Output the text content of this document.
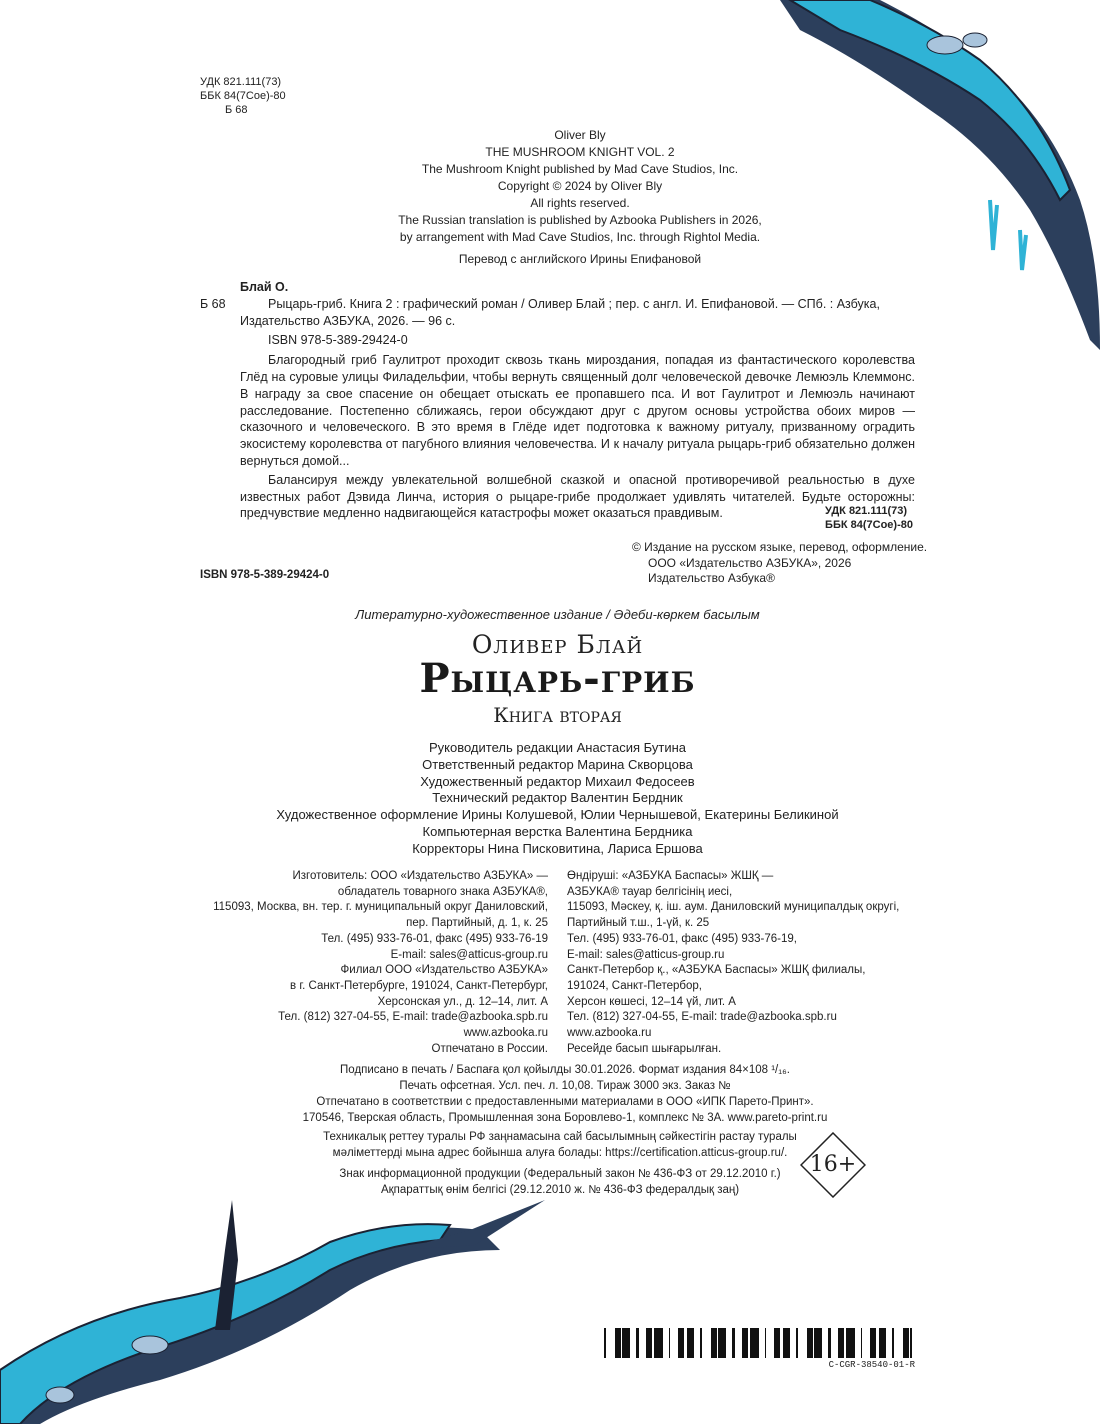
УДК 821.111(73)
ББК 84(7Сое)-80
Б 68
Oliver Bly
THE MUSHROOM KNIGHT VOL. 2
The Mushroom Knight published by Mad Cave Studios, Inc.
Copyright © 2024 by Oliver Bly
All rights reserved.
The Russian translation is published by Azbooka Publishers in 2026,
by arrangement with Mad Cave Studios, Inc. through Rightol Media.
Перевод с английского Ирины Епифановой
Блай О.
Б 68	Рыцарь-гриб. Книга 2 : графический роман / Оливер Блай ; пер. с англ. И. Епифановой. — СПб. : Азбука, Издательство АЗБУКА, 2026. — 96 с.
ISBN 978-5-389-29424-0
Благородный гриб Гаулитрот проходит сквозь ткань мироздания, попадая из фантастического королевства Глёд на суровые улицы Филадельфии, чтобы вернуть священный долг человеческой девочке Лемюэль Клеммонс. В награду за свое спасение он обещает отыскать ее пропавшего пса. И вот Гаулитрот и Лемюэль начинают расследование. Постепенно сближаясь, герои обсуждают друг с другом основы устройства обоих миров — сказочного и человеческого. В это время в Глёде идет подготовка к важному ритуалу, призванному оградить экосистему королевства от пагубного влияния человечества. И к началу ритуала рыцарь-гриб обязательно должен вернуться домой...
Балансируя между увлекательной волшебной сказкой и опасной противоречивой реальностью в духе известных работ Дэвида Линча, история о рыцаре-грибе продолжает удивлять читателей. Будьте осторожны: предчувствие медленно надвигающейся катастрофы может оказаться правдивым.	УДК 821.111(73)
ББК 84(7Сое)-80
© Издание на русском языке, перевод, оформление.
ООО «Издательство АЗБУКА», 2026
Издательство Азбука®
ISBN 978-5-389-29424-0
Литературно-художественное издание / Әдеби-көркем басылым
Оливер Блай
Рыцарь-гриб
Книга вторая
Руководитель редакции Анастасия Бутина
Ответственный редактор Марина Скворцова
Художественный редактор Михаил Федосеев
Технический редактор Валентин Бердник
Художественное оформление Ирины Колушевой, Юлии Чернышевой, Екатерины Беликиной
Компьютерная верстка Валентина Бердника
Корректоры Нина Писковитина, Лариса Ершова
Изготовитель: ООО «Издательство АЗБУКА» —
обладатель товарного знака АЗБУКА®,
115093, Москва, вн. тер. г. муниципальный округ Даниловский,
пер. Партийный, д. 1, к. 25
Тел. (495) 933-76-01, факс (495) 933-76-19
E-mail: sales@atticus-group.ru
Филиал ООО «Издательство АЗБУКА»
в г. Санкт-Петербурге, 191024, Санкт-Петербург,
Херсонская ул., д. 12–14, лит. А
Тел. (812) 327-04-55, E-mail: trade@azbooka.spb.ru
www.azbooka.ru
Отпечатано в России.
Өндіруші: «АЗБУКА Баспасы» ЖШҚ —
АЗБУКА® тауар белгісінің иесі,
115093, Мәскеу, қ. іш. аум. Даниловский муниципалдық округі,
Партийный т.ш., 1-үй, к. 25
Тел. (495) 933-76-01, факс (495) 933-76-19,
E-mail: sales@atticus-group.ru
Санкт-Петербор қ., «АЗБУКА Баспасы» ЖШҚ филиалы,
191024, Санкт-Петербор,
Херсон көшесі, 12–14 үй, лит. А
Тел. (812) 327-04-55, E-mail: trade@azbooka.spb.ru
www.azbooka.ru
Ресейде басып шығарылған.
Подписано в печать / Баспаға қол қойылды 30.01.2026. Формат издания 84×108 ¹/₁₆.
Печать офсетная. Усл. печ. л. 10,08. Тираж 3000 экз. Заказ №
Отпечатано в соответствии с предоставленными материалами в ООО «ИПК Парето-Принт».
170546, Тверская область, Промышленная зона Боровлево-1, комплекс № 3А. www.pareto-print.ru
Техникалық реттеу туралы РФ заңнамасына сай басылымның сәйкестігін растау туралы
мәліметтерді мына адрес бойынша алуға болады: https://certification.atticus-group.ru/.
Знак информационной продукции (Федеральный закон № 436-ФЗ от 29.12.2010 г.)
Ақпараттық өнім белгісі (29.12.2010 ж. № 436-ФЗ федералдық заң)
16+
C-CGR-38540-01-R
